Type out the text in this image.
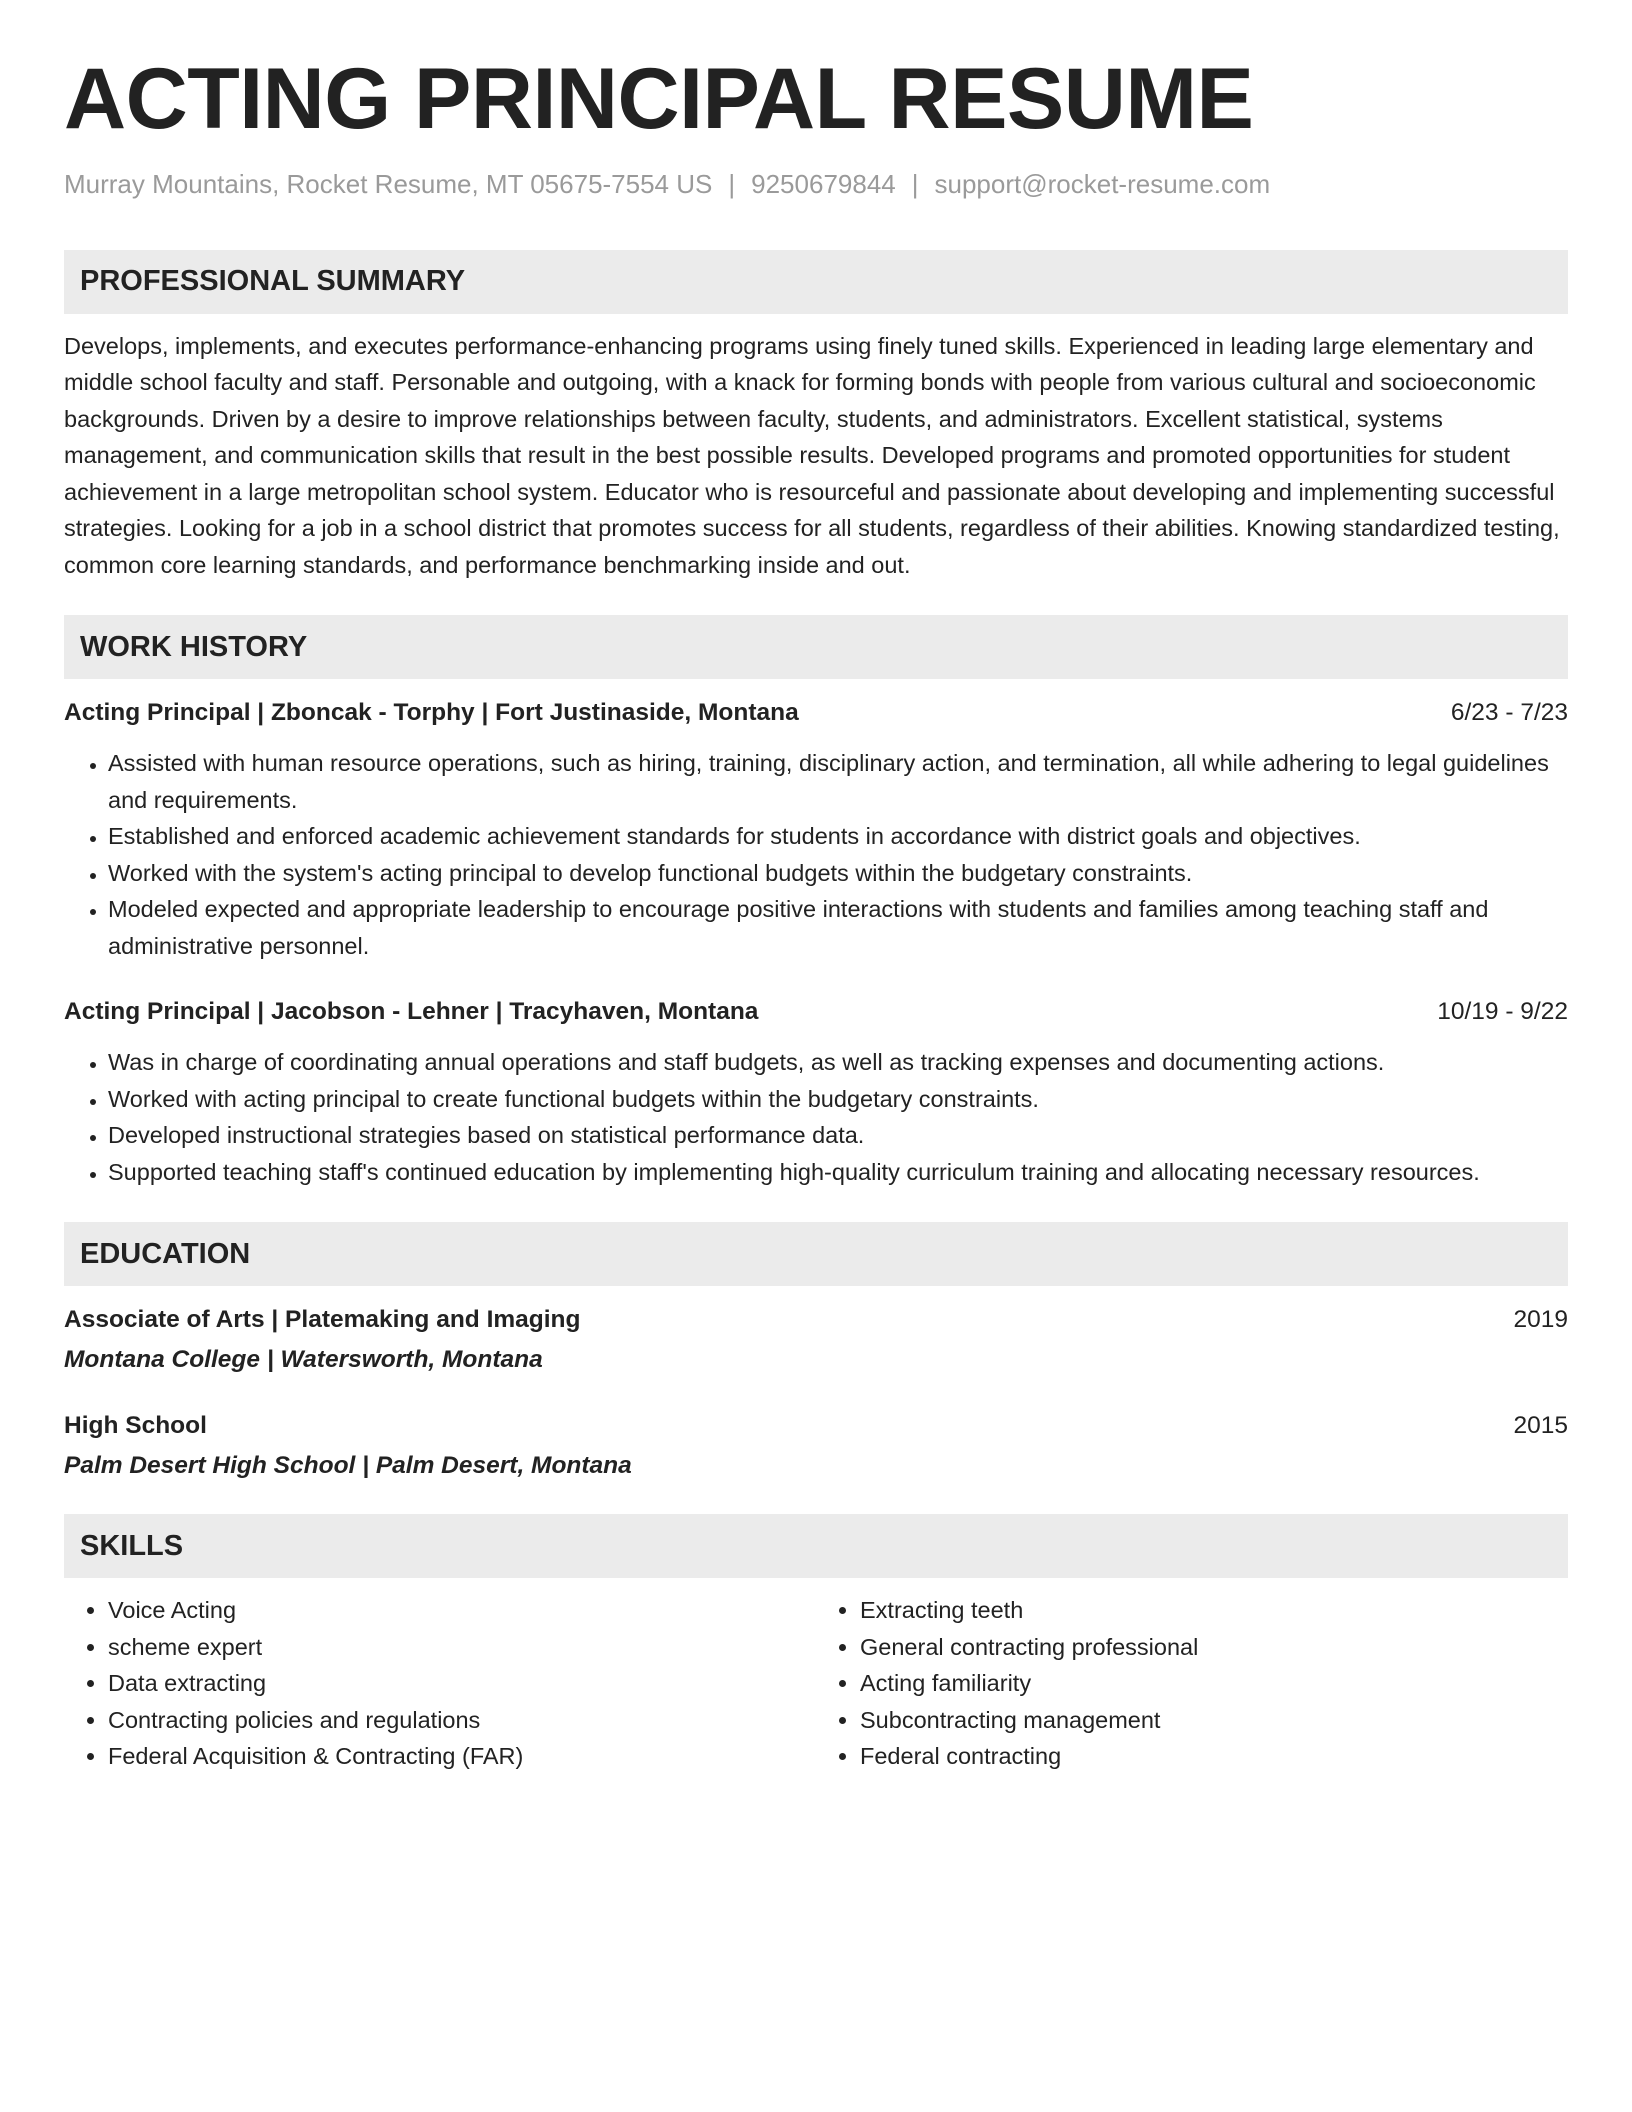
ACTING PRINCIPAL RESUME
Murray Mountains, Rocket Resume, MT 05675-7554 US | 9250679844 | support@rocket-resume.com
PROFESSIONAL SUMMARY

Develops, implements, and executes performance-enhancing programs using finely tuned skills. Experienced in leading large elementary and middle school faculty and staff. Personable and outgoing, with a knack for forming bonds with people from various cultural and socioeconomic backgrounds. Driven by a desire to improve relationships between faculty, students, and administrators. Excellent statistical, systems management, and communication skills that result in the best possible results. Developed programs and promoted opportunities for student achievement in a large metropolitan school system. Educator who is resourceful and passionate about developing and implementing successful strategies. Looking for a job in a school district that promotes success for all students, regardless of their abilities. Knowing standardized testing, common core learning standards, and performance benchmarking inside and out.

WORK HISTORY
Acting Principal | Zboncak - Torphy | Fort Justinaside, Montana	6/23 - 7/23
• Assisted with human resource operations, such as hiring, training, disciplinary action, and termination, all while adhering to legal guidelines and requirements.
• Established and enforced academic achievement standards for students in accordance with district goals and objectives.
• Worked with the system's acting principal to develop functional budgets within the budgetary constraints.
• Modeled expected and appropriate leadership to encourage positive interactions with students and families among teaching staff and administrative personnel.
Acting Principal | Jacobson - Lehner | Tracyhaven, Montana	10/19 - 9/22
• Was in charge of coordinating annual operations and staff budgets, as well as tracking expenses and documenting actions.
• Worked with acting principal to create functional budgets within the budgetary constraints.
• Developed instructional strategies based on statistical performance data.
• Supported teaching staff's continued education by implementing high-quality curriculum training and allocating necessary resources.
EDUCATION
Associate of Arts | Platemaking and Imaging	2019
Montana College | Watersworth, Montana
High School	2015
Palm Desert High School | Palm Desert, Montana
SKILLS
• Voice Acting
• scheme expert
• Data extracting
• Contracting policies and regulations
• Federal Acquisition & Contracting (FAR)
• Extracting teeth
• General contracting professional
• Acting familiarity
• Subcontracting management
• Federal contracting
